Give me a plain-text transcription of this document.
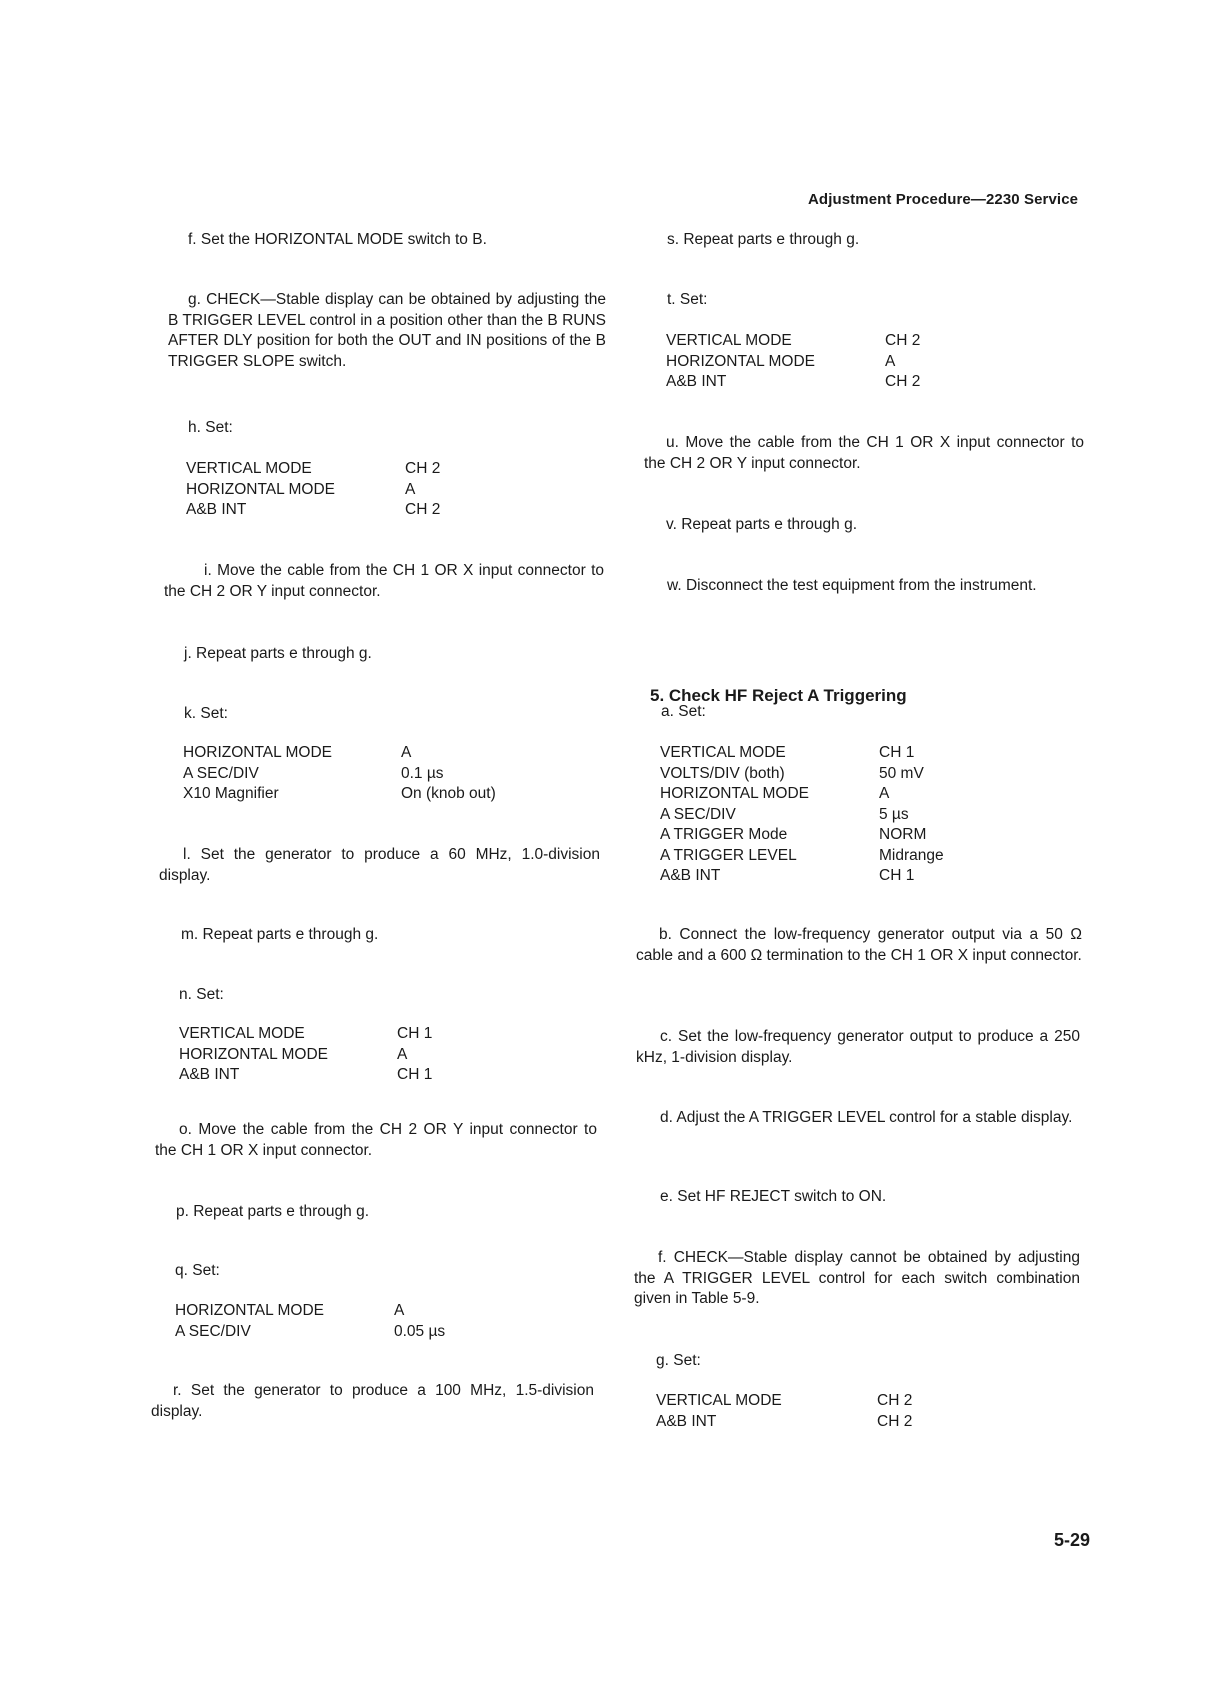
Adjustment Procedure—2230 Service
5-29
f. Set the HORIZONTAL MODE switch to B.
g. CHECK—Stable display can be obtained by adjusting the B TRIGGER LEVEL control in a position other than the B RUNS AFTER DLY position for both the OUT and IN positions of the B TRIGGER SLOPE switch.
h. Set:
VERTICAL MODE	CH 2
HORIZONTAL MODE	A
A&B INT	CH 2
i. Move the cable from the CH 1 OR X input connector to the CH 2 OR Y input connector.
j. Repeat parts e through g.
k. Set:
HORIZONTAL MODE	A
A SEC/DIV	0.1 µs
X10 Magnifier	On (knob out)
l. Set the generator to produce a 60 MHz, 1.0-division display.
m. Repeat parts e through g.
n. Set:
VERTICAL MODE	CH 1
HORIZONTAL MODE	A
A&B INT	CH 1
o. Move the cable from the CH 2 OR Y input connector to the CH 1 OR X input connector.
p. Repeat parts e through g.
q. Set:
HORIZONTAL MODE	A
A SEC/DIV	0.05 µs
r. Set the generator to produce a 100 MHz, 1.5-division display.
s. Repeat parts e through g.
t. Set:
VERTICAL MODE	CH 2
HORIZONTAL MODE	A
A&B INT	CH 2
u. Move the cable from the CH 1 OR X input connector to the CH 2 OR Y input connector.
v. Repeat parts e through g.
w. Disconnect the test equipment from the instrument.
5. Check HF Reject A Triggering
a. Set:
VERTICAL MODE	CH 1
VOLTS/DIV (both)	50 mV
HORIZONTAL MODE	A
A SEC/DIV	5 µs
A TRIGGER Mode	NORM
A TRIGGER LEVEL	Midrange
A&B INT	CH 1
b. Connect the low-frequency generator output via a 50 Ω cable and a 600 Ω termination to the CH 1 OR X input connector.
c. Set the low-frequency generator output to produce a 250 kHz, 1-division display.
d. Adjust the A TRIGGER LEVEL control for a stable display.
e. Set HF REJECT switch to ON.
f. CHECK—Stable display cannot be obtained by adjusting the A TRIGGER LEVEL control for each switch combination given in Table 5-9.
g. Set:
VERTICAL MODE	CH 2
A&B INT	CH 2
